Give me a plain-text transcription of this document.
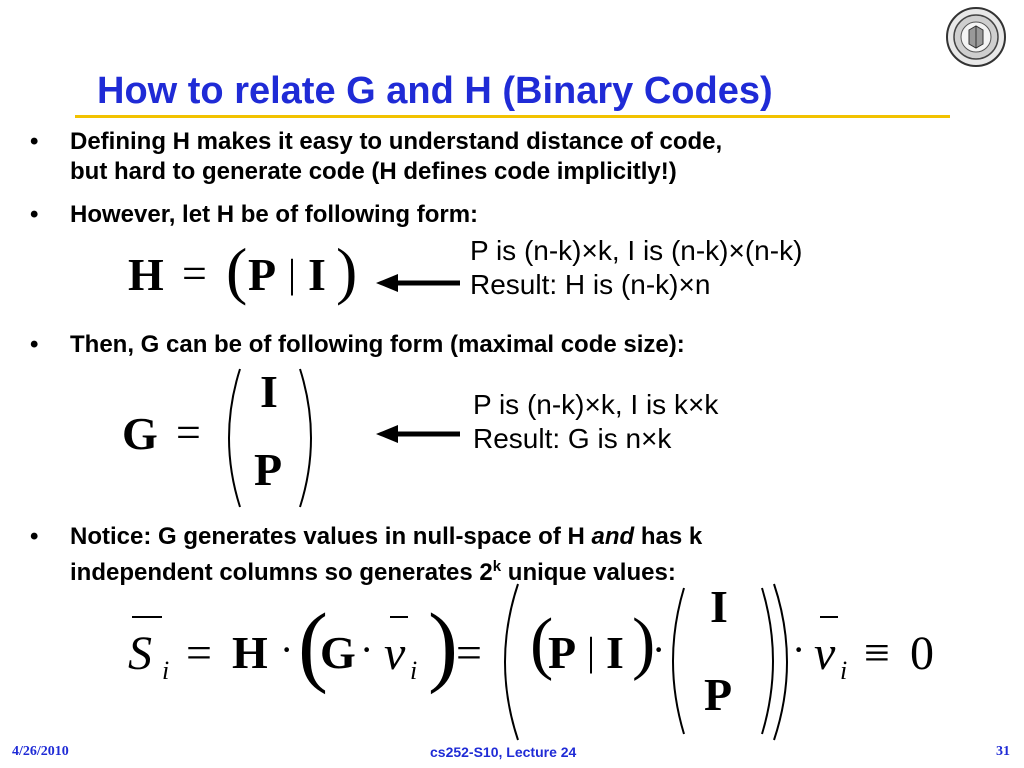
How to relate G and H (Binary Codes)
• Defining H makes it easy to understand distance of code,
but hard to generate code (H defines code implicitly!)
• However, let H be of following form:
H = ( P | I )	P is (n-k)×k, I is (n-k)×(n-k)
Result: H is (n-k)×n
• Then, G can be of following form (maximal code size):
G =
I
P
P is (n-k)×k, I is k×k
Result: G is n×k
• Notice: G generates values in null-space of H and has k
independent columns so generates 2$^k$ unique values:
S i = H · (
G · v i )
= (
P | I )
·
I
P
· v i ≡ 0
4/26/2010	cs252-S10, Lecture 24	31
